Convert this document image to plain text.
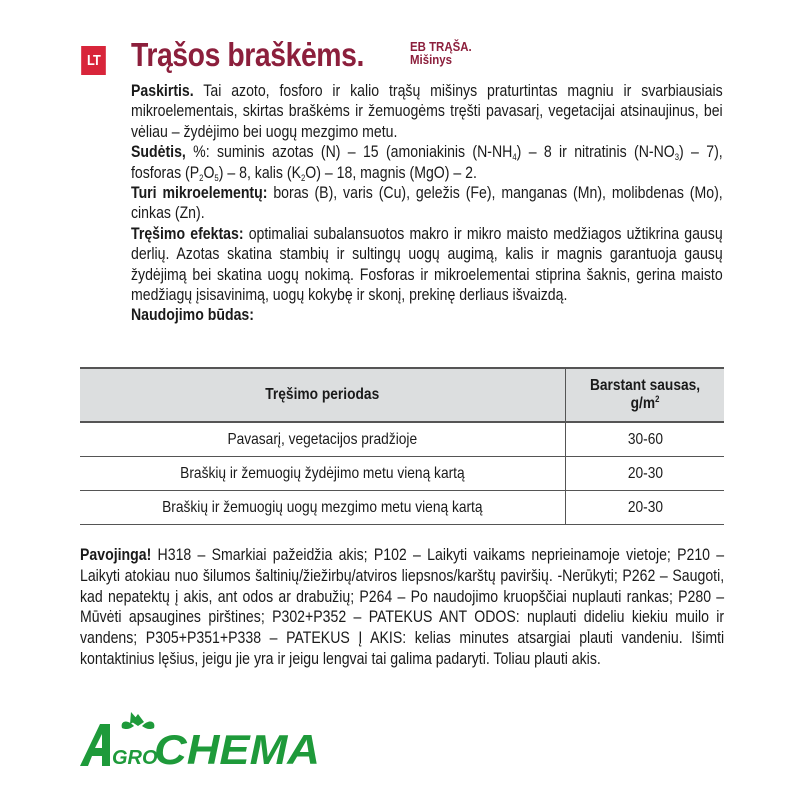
LT Trąšos braškėms.	EB TRĄŠA.
Mišinys

Paskirtis. Tai azoto, fosforo ir kalio trąšų mišinys praturtintas magniu ir svarbiausiais mikroelementais, skirtas braškėms ir žemuogėms tręšti pavasarį, vegetacijai atsinaujinus, bei vėliau – žydėjimo bei uogų mezgimo metu.

Sudėtis, %: suminis azotas (N) – 15 (amoniakinis $(N-NH_4) - 8$ ir nitratinis $(N-NO_3) - 7$), fosforas $(P_2O_5) - 8$, kalis $(K_2O) - 18$, magnis (MgO) – 2.

Turi mikroelementų: boras (B), varis (Cu), geležis (Fe), manganas (Mn), molibdenas (Mo), cinkas (Zn).

Tręšimo efektas: optimaliai subalansuotos makro ir mikro maisto medžiagos užtikrina gausų derlių. Azotas skatina stambių ir sultingų uogų augimą, kalis ir magnis garantuoja gausų žydėjimą bei skatina uogų nokimą. Fosforas ir mikroelementai stiprina šaknis, gerina maisto medžiagų įsisavinimą, uogų kokybę ir skonį, prekinę derliaus išvaizdą.

Naudojimo būdas:

Tręšimo periodas	Barstant sausas,
$g/m^2$
Pavasarį, vegetacijos pradžioje	30-60
Braškių ir žemuogių žydėjimo metu vieną kartą	20-30
Braškių ir žemuogių uogų mezgimo metu vieną kartą	20-30
Pavojinga! H318 – Smarkiai pažeidžia akis; P102 – Laikyti vaikams neprieinamoje vietoje; P210 – Laikyti atokiau nuo šilumos šaltinių/žiežirbų/atviros liepsnos/karštų paviršių. -Nerūkyti; P262 – Saugoti, kad nepatektų į akis, ant odos ar drabužių; P264 – Po naudojimo kruopščiai nuplauti rankas; P280 – Mūvėti apsaugines pirštines; P302+P352 – PATEKUS ANT ODOS: nuplauti dideliu kiekiu muilo ir vandens; P305+P351+P338 – PATEKUS Į AKIS: kelias minutes atsargiai plauti vandeniu. Išimti kontaktinius lęšius, jeigu jie yra ir jeigu lengvai tai galima padaryti. Toliau plauti akis.
GRO
CHEMA
